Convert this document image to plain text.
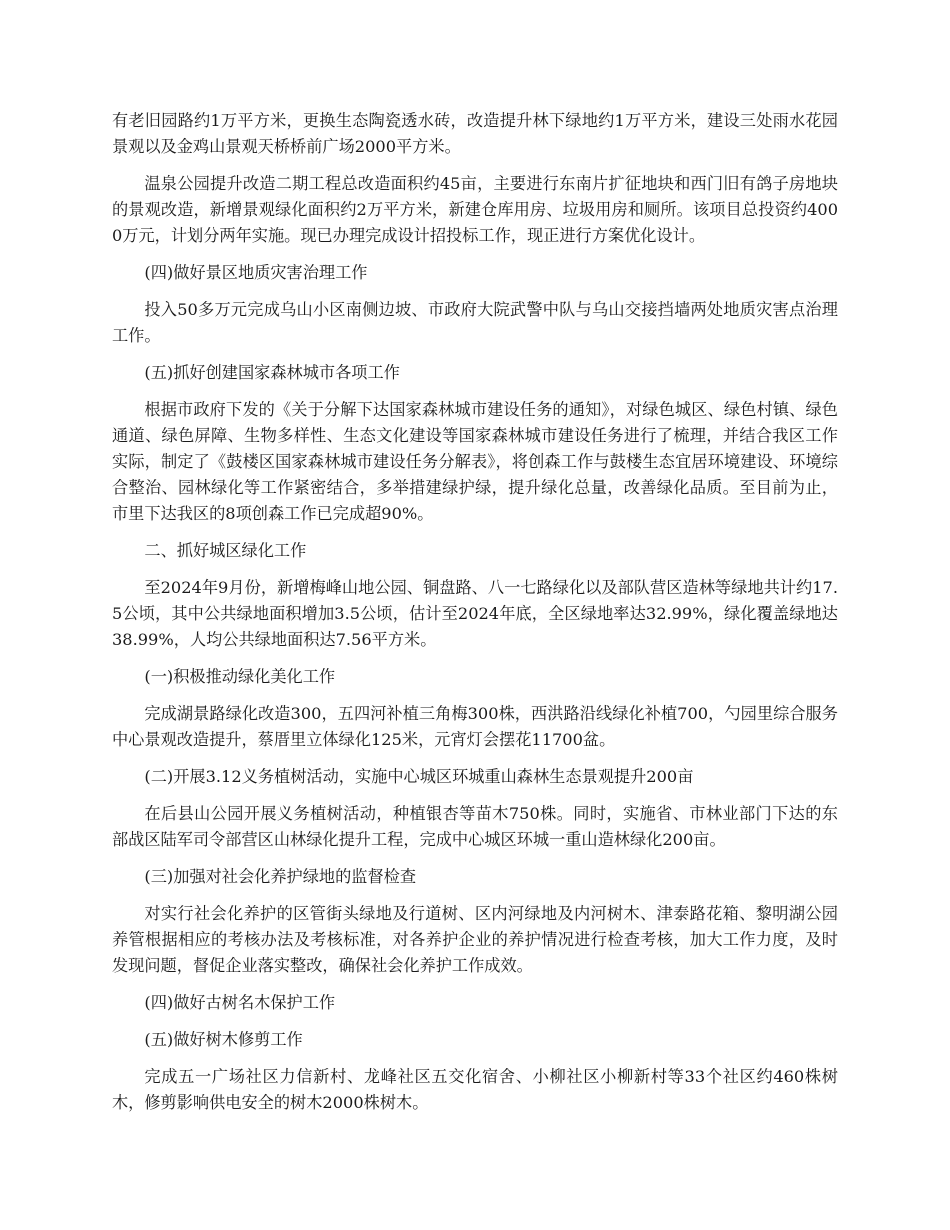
有老旧园路约1万平方米，更换生态陶瓷透水砖，改造提升林下绿地约1万平方米，建设三处雨水花园景观以及金鸡山景观天桥桥前广场2000平方米。

温泉公园提升改造二期工程总改造面积约45亩，主要进行东南片扩征地块和西门旧有鸽子房地块的景观改造，新增景观绿化面积约2万平方米，新建仓库用房、垃圾用房和厕所。该项目总投资约4000万元，计划分两年实施。现已办理完成设计招投标工作，现正进行方案优化设计。

(四)做好景区地质灾害治理工作

投入50多万元完成乌山小区南侧边坡、市政府大院武警中队与乌山交接挡墙两处地质灾害点治理工作。

(五)抓好创建国家森林城市各项工作

根据市政府下发的《关于分解下达国家森林城市建设任务的通知》，对绿色城区、绿色村镇、绿色通道、绿色屏障、生物多样性、生态文化建设等国家森林城市建设任务进行了梳理，并结合我区工作实际，制定了《鼓楼区国家森林城市建设任务分解表》，将创森工作与鼓楼生态宜居环境建设、环境综合整治、园林绿化等工作紧密结合，多举措建绿护绿，提升绿化总量，改善绿化品质。至目前为止，市里下达我区的8项创森工作已完成超90%。

二、抓好城区绿化工作

至2024年9月份，新增梅峰山地公园、铜盘路、八一七路绿化以及部队营区造林等绿地共计约17.5公顷，其中公共绿地面积增加3.5公顷，估计至2024年底，全区绿地率达32.99%，绿化覆盖绿地达38.99%，人均公共绿地面积达7.56平方米。

(一)积极推动绿化美化工作

完成湖景路绿化改造300，五四河补植三角梅300株，西洪路沿线绿化补植700，勺园里综合服务中心景观改造提升，蔡厝里立体绿化125米，元宵灯会摆花11700盆。

(二)开展3.12义务植树活动，实施中心城区环城重山森林生态景观提升200亩

在后县山公园开展义务植树活动，种植银杏等苗木750株。同时，实施省、市林业部门下达的东部战区陆军司令部营区山林绿化提升工程，完成中心城区环城一重山造林绿化200亩。

(三)加强对社会化养护绿地的监督检查

对实行社会化养护的区管街头绿地及行道树、区内河绿地及内河树木、津泰路花箱、黎明湖公园养管根据相应的考核办法及考核标准，对各养护企业的养护情况进行检查考核，加大工作力度，及时发现问题，督促企业落实整改，确保社会化养护工作成效。

(四)做好古树名木保护工作

(五)做好树木修剪工作

完成五一广场社区力信新村、龙峰社区五交化宿舍、小柳社区小柳新村等33个社区约460株树木，修剪影响供电安全的树木2000株树木。
